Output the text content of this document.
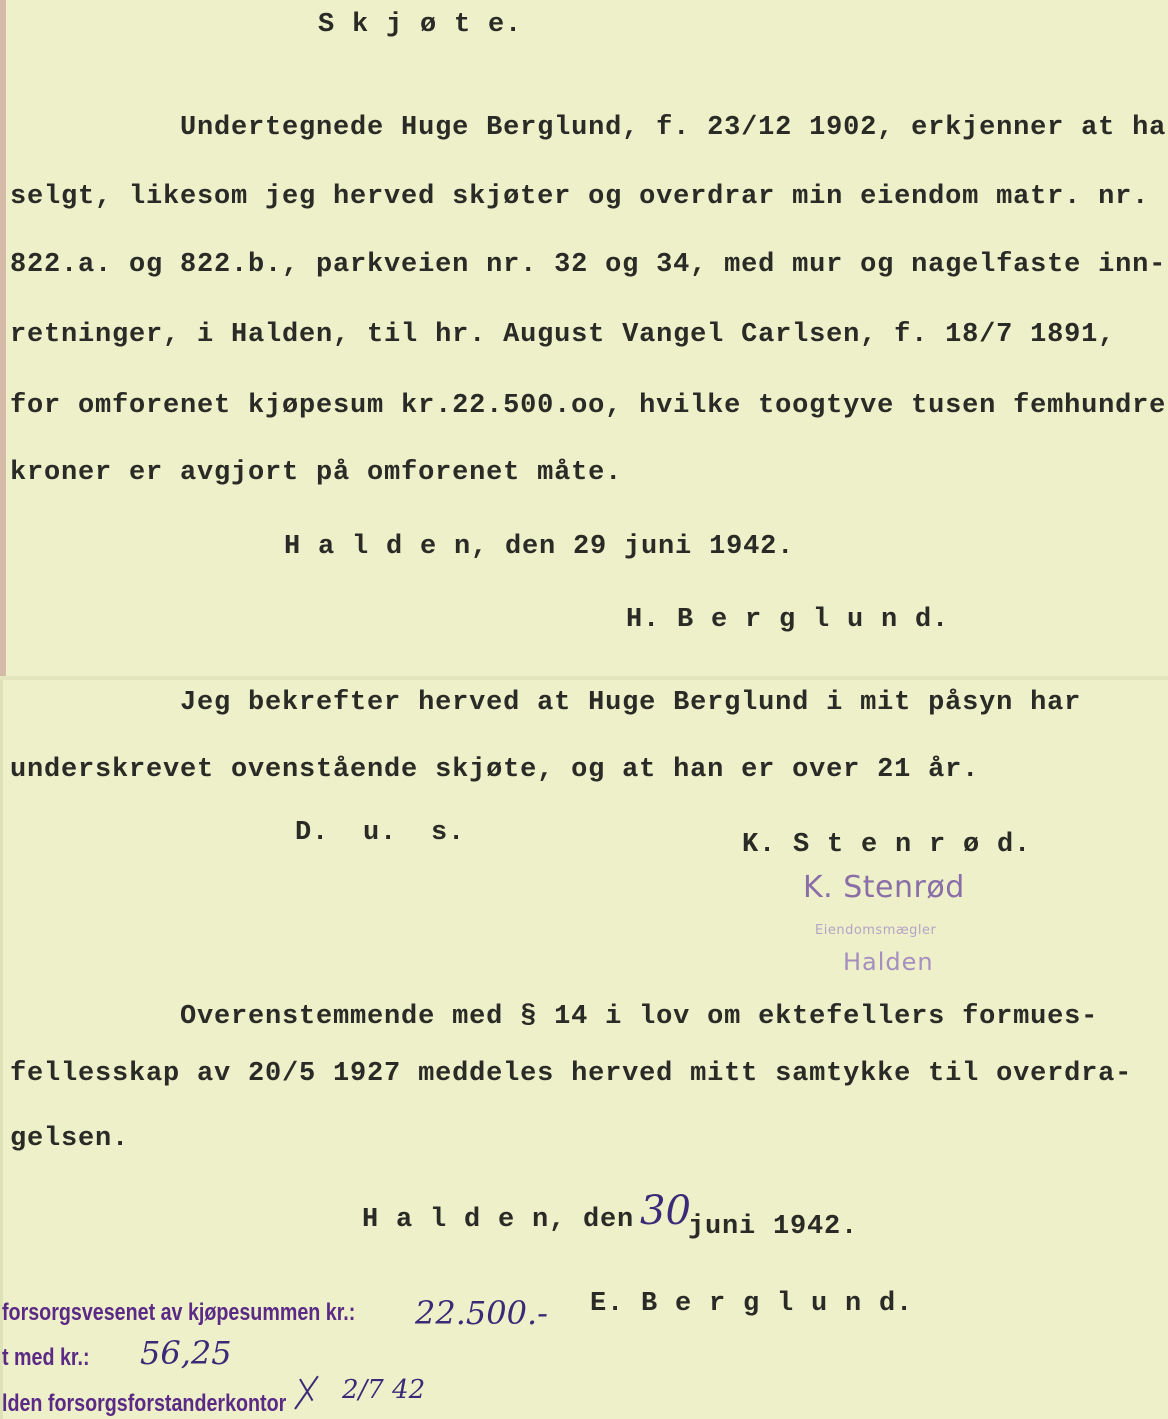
S k j ø t e.
Undertegnede Huge Berglund, f. 23/12 1902, erkjenner at ha
selgt, likesom jeg herved skjøter og overdrar min eiendom matr. nr.
822.a. og 822.b., parkveien nr. 32 og 34, med mur og nagelfaste inn-
retninger, i Halden, til hr. August Vangel Carlsen, f. 18/7 1891,
for omforenet kjøpesum kr.22.500.oo, hvilke toogtyve tusen femhundre
kroner er avgjort på omforenet måte.
H a l d e n, den 29 juni 1942.
H. B e r g l u n d.
Jeg bekrefter herved at Huge Berglund i mit påsyn har
underskrevet ovenstående skjøte, og at han er over 21 år.
D.  u.  s.	K. S t e n r ø d.
K. Stenrød
Eiendomsmægler
Halden
Overenstemmende med § 14 i lov om ektefellers formues-
fellesskap av 20/5 1927 meddeles herved mitt samtykke til overdra-
gelsen.
H a l d e n, den 30
juni 1942.
E. B e r g l u n d.
forsorgsvesenet av kjøpesummen kr.: 22.500.-
t med kr.: 56,25
lden forsorgsforstanderkontor 2/7 42
